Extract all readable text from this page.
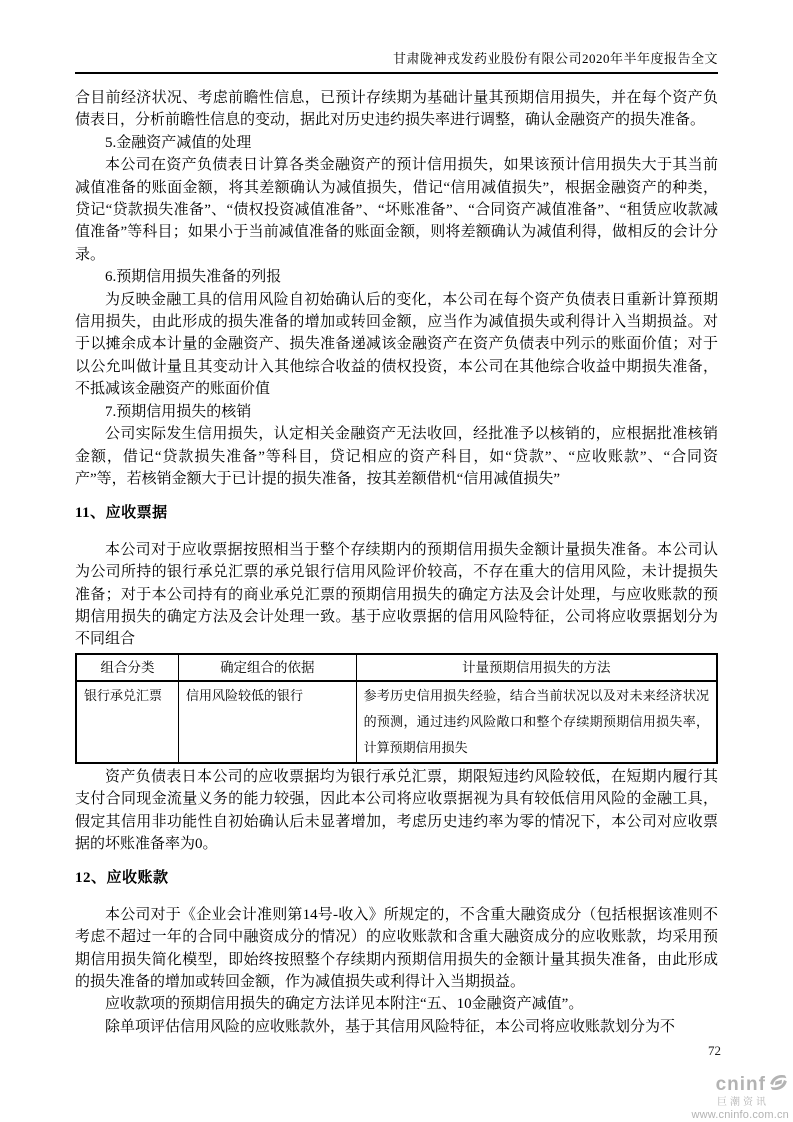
甘肃陇神戎发药业股份有限公司2020年半年度报告全文

合目前经济状况、考虑前瞻性信息，已预计存续期为基础计量其预期信用损失，并在每个资产负债表日，分析前瞻性信息的变动，据此对历史违约损失率进行调整，确认金融资产的损失准备。

5.金融资产减值的处理

本公司在资产负债表日计算各类金融资产的预计信用损失，如果该预计信用损失大于其当前减值准备的账面金额，将其差额确认为减值损失，借记“信用减值损失”，根据金融资产的种类，贷记“贷款损失准备”、“债权投资减值准备”、“坏账准备”、“合同资产减值准备”、“租赁应收款减值准备”等科目；如果小于当前减值准备的账面金额，则将差额确认为减值利得，做相反的会计分录。

6.预期信用损失准备的列报

为反映金融工具的信用风险自初始确认后的变化，本公司在每个资产负债表日重新计算预期信用损失，由此形成的损失准备的增加或转回金额，应当作为减值损失或利得计入当期损益。对于以摊余成本计量的金融资产、损失准备递减该金融资产在资产负债表中列示的账面价值；对于以公允叫做计量且其变动计入其他综合收益的债权投资，本公司在其他综合收益中期损失准备，不抵减该金融资产的账面价值

7.预期信用损失的核销

公司实际发生信用损失，认定相关金融资产无法收回，经批准予以核销的，应根据批准核销金额，借记“贷款损失准备”等科目，贷记相应的资产科目，如“贷款”、“应收账款”、“合同资产”等，若核销金额大于已计提的损失准备，按其差额借机“信用减值损失”

11、应收票据

本公司对于应收票据按照相当于整个存续期内的预期信用损失金额计量损失准备。本公司认为公司所持的银行承兑汇票的承兑银行信用风险评价较高，不存在重大的信用风险，未计提损失准备；对于本公司持有的商业承兑汇票的预期信用损失的确定方法及会计处理，与应收账款的预期信用损失的确定方法及会计处理一致。基于应收票据的信用风险特征，公司将应收票据划分为不同组合

组合分类	确定组合的依据	计量预期信用损失的方法
银行承兑汇票	信用风险较低的银行	参考历史信用损失经验，结合当前状况以及对未来经济状况的预测，通过违约风险敞口和整个存续期预期信用损失率，计算预期信用损失

资产负债表日本公司的应收票据均为银行承兑汇票，期限短违约风险较低，在短期内履行其支付合同现金流量义务的能力较强，因此本公司将应收票据视为具有较低信用风险的金融工具，假定其信用非功能性自初始确认后未显著增加，考虑历史违约率为零的情况下，本公司对应收票据的坏账准备率为0。

12、应收账款

本公司对于《企业会计准则第14号-收入》所规定的，不含重大融资成分（包括根据该准则不考虑不超过一年的合同中融资成分的情况）的应收账款和含重大融资成分的应收账款，均采用预期信用损失简化模型，即始终按照整个存续期内预期信用损失的金额计量其损失准备，由此形成的损失准备的增加或转回金额，作为减值损失或利得计入当期损益。

应收款项的预期信用损失的确定方法详见本附注“五、10金融资产减值”。

除单项评估信用风险的应收账款外，基于其信用风险特征，本公司将应收账款划分为不

72
cninf
巨潮资讯
www.cninfo.com.cn
